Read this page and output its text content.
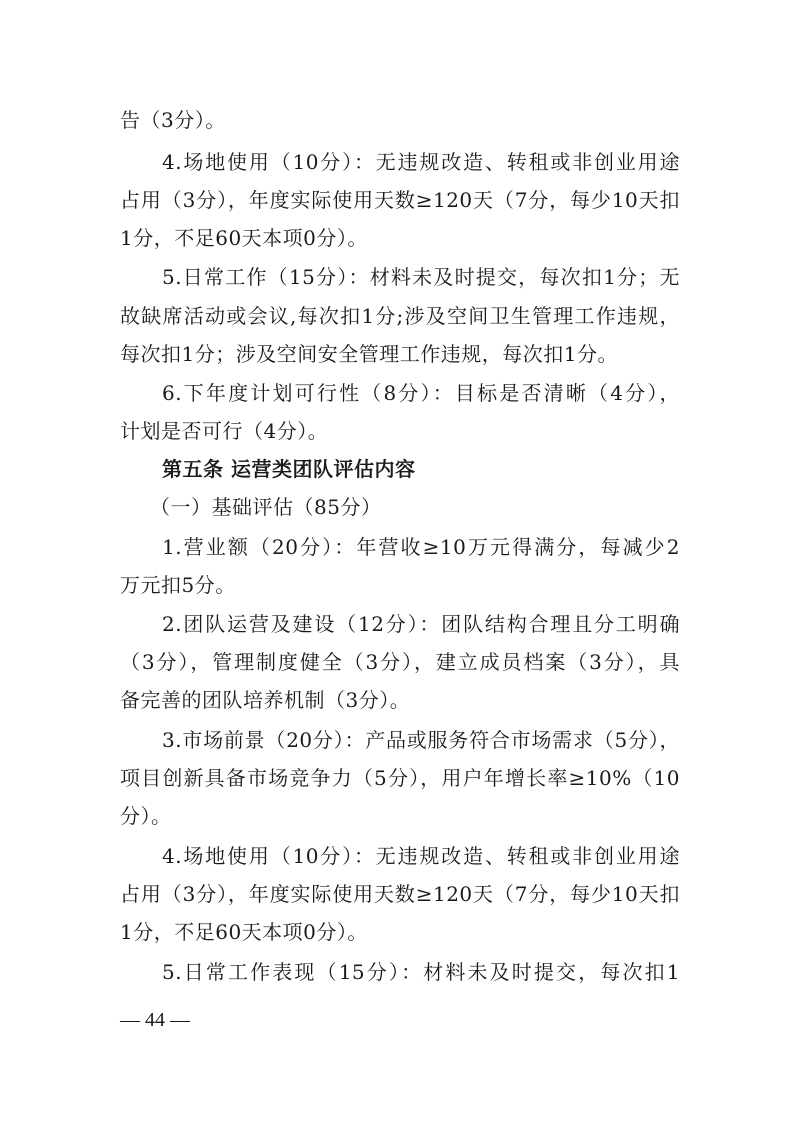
告（3分）。
4.场地使用（10分）：无违规改造、转租或非创业用途
占用（3分），年度实际使用天数≥120天（7分，每少10天扣
1分，不足60天本项0分）。
5.日常工作（15分）：材料未及时提交，每次扣1分；无
故缺席活动或会议,每次扣1分;涉及空间卫生管理工作违规，
每次扣1分；涉及空间安全管理工作违规，每次扣1分。
6.下年度计划可行性（8分）：目标是否清晰（4分），
计划是否可行（4分）。
第五条 运营类团队评估内容
（一）基础评估（85分）
1.营业额（20分）：年营收≥10万元得满分，每减少2
万元扣5分。
2.团队运营及建设（12分）：团队结构合理且分工明确
（3分），管理制度健全（3分），建立成员档案（3分），具
备完善的团队培养机制（3分）。
3.市场前景（20分）：产品或服务符合市场需求（5分），
项目创新具备市场竞争力（5分），用户年增长率≥10%（10
分）。
4.场地使用（10分）：无违规改造、转租或非创业用途
占用（3分），年度实际使用天数≥120天（7分，每少10天扣
1分，不足60天本项0分）。
5.日常工作表现（15分）：材料未及时提交，每次扣1
— 44 —
